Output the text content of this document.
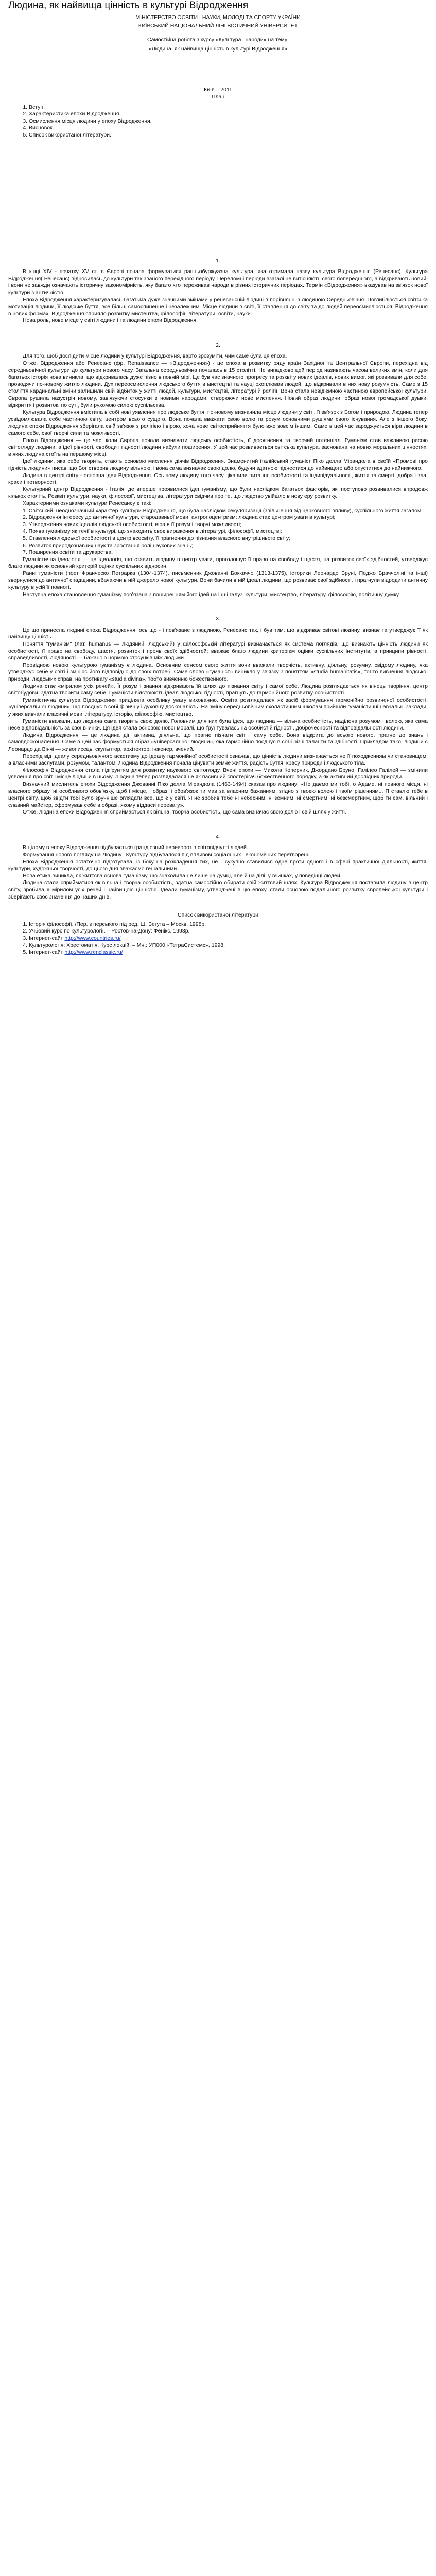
Людина, як найвища цінність в культурі Відродження
МІНІСТЕРСТВО ОСВІТИ І НАУКИ, МОЛОДІ ТА СПОРТУ УКРАЇНИ
КИЇВСЬКИЙ НАЦІОНАЛЬНИЙ ЛІНГВІСТИЧНИЙ УНІВЕРСИТЕТ
Самостійна робота з курсу «Культура і народи» на тему:
«Людина, як найвища цінність в культурі Відродження»
Київ – 2011
План
1. Вступ.
2. Характеристика епохи Відродження.
3. Осмислення місця людини у епоху Відродження.
4. Висновок.
5. Список використаної літератури.
1.

В кінці XIV - початку XV ст. в Європі почала формуватися ранньобуржуазна культура, яка отримала назву культура Відродження (Ренесанс). Культура Відродження( Ренесанс) відносилась до культури так званого перехідного періоду. Переломні періоди взагалі не витісняють свого попереднього, а відкривають новий, і вони не завжди означають історичну закономірність, яку багато хто переживав народи в різних історичних періодах. Термін «Відродження» вказував на зв'язок нової культури з античністю.

Епоха Відродження характеризувалась багатьма дуже значними змінами у ренесансній людині в порівнянні з людиною Середньовіччя. Поглиблюється світська мотивація людини, її людське буття, все більш самоспиненне і незалежним. Місце людини в світі, її ставлення до світу та до людей переосмислюється. Відродження в нових формах. Відродження сприяло розвитку мистецтва, філософії, літератури, освіти, науки.

Нова роль, нове місце у світі людини і та людини епохи Відродження.

2.

Для того, щоб дослідити місце людини у культурі Відродження, варто зрозуміти, чим саме була ця епоха.

Отже, Відродження або Ренесанс (фр. Renaissance — «Відродження») - це епоха в розвитку ряду країн Західної та Центральної Європи, перехідна від середньовічної культури до культури нового часу. Загальна середньовічна почалась в 15 столітті. Не випадково цей період називають часом великих змін, коли для багатьох історія нова виникла, що відкривалась дуже пізно в повній мірі. Це був час значного прогресу та розквіту нових ідеалів, нових вимог, які розвивали для себе, проводячи по-новому житло людини. Дух переосмислення людського буття в мистецтві та науці охоплював людей, що відкривали в них нову розумність. Саме з 15 століття кардинальні зміни залишили свій відбиток у житті людей, культури, мистецтві, літературі й релігії. Вона стала невід'ємною частиною європейської культури. Європа рушила назустріч новому, зав'язуючи стосунки з новими народами, створюючи нове мислення. Новий образ людини, образ нової громадської думки, відкриття і розвиток, по суті, були рухомою силою суспільства.

Культура Відродження вмістила в собі нові уявлення про людське буття, по-новому визначила місце людини у світі, її зв'язок з Богом і природою. Людина тепер усвідомлювала себе частиною світу, центром всього сущого. Вона почала вважати свою волю та розум основними рушіями свого існування. Але з іншого боку, людина епохи Відродження зберігала свій зв'язок з релігією і вірою, хоча нове світосприйняття було вже зовсім іншим. Саме в цей час зароджується віра людини в самого себе, свої творчі сили та можливості.

Епоха Відродження — це час, коли Європа почала визнавати людську особистість, її досягнення та творчий потенціал. Гуманізм став важливою рисою світогляду людини, а ідеї рівності, свободи і гідності людини набули поширення. У цей час розвивається світська культура, заснована на нових моральних цінностях, в яких людина стоїть на першому місці.

Ідеї людини, яка себе творить, стають основою мислення діячів Відродження. Знаменитий італійський гуманіст Піко делла Мірандола в своїй «Промові про гідність людини» писав, що Бог створив людину вільною, і вона сама визначає свою долю, будучи здатною піднестися до найвищого або опуститися до найнижчого.

Людина в центрі світу - основна ідея Відродження. Ось чому людину того часу цікавили питання особистості та індивідуальності, життя та смерті, добра і зла, краси і потворності.

Культурний центр Відродження - Італія, де вперше проявилися ідеї гуманізму, що були наслідком багатьох факторів, які поступово розвивалися впродовж кількох століть. Розквіт культури, науки, філософії, мистецтва, літератури свідчив про те, що людство увійшло в нову еру розвитку.

Характерними ознаками культури Ренесансу є такі:

1. Світський, неоднозначний характер культури Відродження, що була наслідком секуляризації (звільнення від церковного впливу), суспільного життя загалом;

2. Відродження інтересу до античної культури, стародавньої мови; антропоцентризм: людина стає центром уваги в культурі;

3. Утвердження нових ідеалів людської особистості, віра в її розум і творчі можливості;

4. Поява гуманізму як течії в культурі, що знаходить своє вираження в літературі, філософії, мистецтві;

5. Ставлення людської особистості в центр всесвіту, її прагнення до пізнання власного внутрішнього світу;

6. Розвиток природознавчих наук та зростання ролі наукових знань;

7. Поширення освіти та друкарства.

Гуманістична ідеологія — це ідеологія, що ставить людину в центр уваги, проголошує її право на свободу і щастя, на розвиток своїх здібностей, утверджує благо людини як основний критерій оцінки суспільних відносин.

Ранні гуманісти (поет Франческо Петрарка (1304-1374), письменник Джованні Боккаччо (1313-1375), історики Леонардо Бруні, Поджо Браччоліні та інші) звернулися до античної спадщини, вбачаючи в ній джерело нової культури. Вони бачили в ній ідеал людини, що розвиває свої здібності, і прагнули відродити античну культуру в усій її повноті.

Наступна епоха становлення гуманізму пов'язана з поширенням його ідей на інші галузі культури: мистецтво, літературу, філософію, політичну думку.

3.

Це що принесла людині епоха Відродження, ось що - і пов'язане з людиною, Ренесанс так, і був тим, що відкриває світові людину, визнає та утверджує її як найвищу цінність.

Поняття "гуманізм" (лат. humanus — людяний, людський) у філософській літературі визначається як система поглядів, що визнають цінність людини як особистості, її право на свободу, щастя, розвиток і прояв своїх здібностей; вважає благо людини критерієм оцінки суспільних інститутів, а принципи рівності, справедливості, людяності — бажаною нормою стосунків між людьми.

Провідною новою культурою гуманізму є людина. Основним сенсом свого життя вони вважали творчість, активну, діяльну, розумну, свідому людину, яка утверджує себе у світі і змінює його відповідно до своїх потреб. Саме слово «гуманіст» виникло у зв'язку з поняттям «studia humanitatis», тобто вивчення людської природи, людських справ, на противагу «studia divina», тобто вивченню божественного.

Людина стає «мірилом усіх речей». Її розум і знання відкривають їй шлях до пізнання світу і самої себе. Людина розглядається як вінець творіння, центр світобудови, здатна творити саму себе. Гуманісти відстоюють ідеал людської гідності, прагнуть до гармонійного розвитку особистості.

Гуманістична культура Відродження приділяла особливу увагу вихованню. Освіта розглядалася як засіб формування гармонійно розвиненої особистості, «універсальної людини», що поєднує в собі фізичну і духовну досконалість. На зміну середньовічним схоластичним школам прийшли гуманістичні навчальні заклади, у яких вивчали класичні мови, літературу, історію, філософію, мистецтво.

Гуманісти вважали, що людина сама творить свою долю. Головним для них була ідея, що людина — вільна особистість, наділена розумом і волею, яка сама несе відповідальність за свої вчинки. Ця ідея стала основою нової моралі, що ґрунтувалась на особистій гідності, доброчесності та відповідальності людини.

Людина Відродження — це людина дії, активна, діяльна, що прагне пізнати світ і саму себе. Вона відкрита до всього нового, прагне до знань і самовдосконалення. Саме в цей час формується образ «універсальної людини», яка гармонійно поєднує в собі різні таланти та здібності. Прикладом такої людини є Леонардо да Вінчі — живописець, скульптор, архітектор, інженер, вчений.

Перехід від ідеалу середньовічного аскетизму до ідеалу гармонійної особистості означав, що цінність людини визначається не її походженням чи становищем, а власними заслугами, розумом, талантом. Людина Відродження почала цінувати земне життя, радість буття, красу природи і людського тіла.

Філософія Відродження стала підґрунтям для розвитку наукового світогляду. Вчені епохи — Микола Коперник, Джордано Бруно, Галілео Галілей — змінили уявлення про світ і місце людини в ньому. Людина тепер розглядалася не як пасивний спостерігач божественного порядку, а як активний дослідник природи.

Визначний мислитель епохи Відродження Джованні Піко делла Мірандола (1463-1494) сказав про людину: «Не даємо ми тобі, о Адаме, ні певного місця, ні власного образу, ні особливого обов'язку, щоб і місце, і образ, і обов'язок ти мав за власним бажанням, згідно з твоєю волею і твоїм рішенням... Я ставлю тебе в центрі світу, щоб звідти тобі було зручніше оглядати все, що є у світі. Я не зробив тебе ні небесним, ні земним, ні смертним, ні безсмертним, щоб ти сам, вільний і славний майстер, сформував себе в образі, якому віддаси перевагу».

Отже, людина епохи Відродження сприймається як вільна, творча особистість, що сама визначає свою долю і свій шлях у житті.

4.

В цілому в епоху Відродження відбувається грандіозний переворот в світовідчутті людей.

Формування нового погляду на Людину і Культуру відбувалося під впливом соціальних і економічних перетворень.

Епоха Відродження остаточно підготувала, із боку на розкладення тих, не... сукупно ставилися одне проти одного і в сфері практичної діяльності, життя, культури, художньої творчості, до цього дня вважаємо геніальними.

Нова етика виникла, як життєва основа гуманізму, що знаходила не лише на думці, але й на ділі, у вчинках, у поведінці людей.

Людина стала сприйматися як вільна і творча особистість, здатна самостійно обирати свій життєвий шлях. Культура Відродження поставила людину в центр світу, зробила її мірилом усіх речей і найвищою цінністю. Ідеали гуманізму, утверджені в цю епоху, стали основою подальшого розвитку європейської культури і зберігають своє значення до наших днів.

Список використаної літератури
1. Історія філософії. /Пер. з перського під ред. Ш. Бегута – Москв, 1998р.
2. Учбовий курс по культурології. – Ростов-на-Дону: Фенікс, 1998р.
3. Інтернет-сайт http://www.countries.ru/
4. Культурологія: Хрестоматія. Курс лекцій. – Мн.: УП000 «ТетраСистемс», 1998.
5. Інтернет-сайт http://www.renclassic.ru/
